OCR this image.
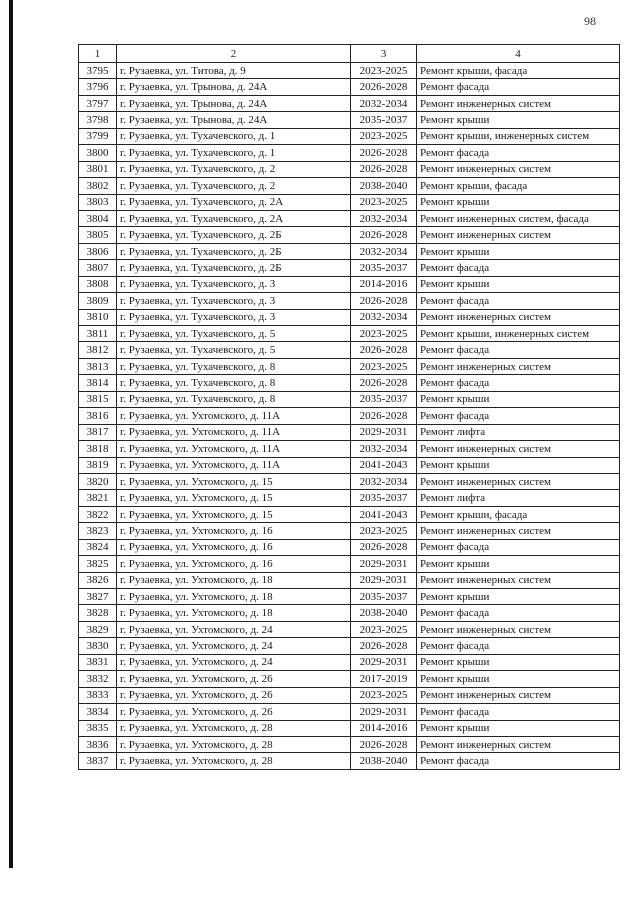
98
1	2	3	4
3795	г. Рузаевка, ул. Титова, д. 9	2023-2025	Ремонт крыши, фасада
3796	г. Рузаевка, ул. Трынова, д. 24А	2026-2028	Ремонт фасада
3797	г. Рузаевка, ул. Трынова, д. 24А	2032-2034	Ремонт инженерных систем
3798	г. Рузаевка, ул. Трынова, д. 24А	2035-2037	Ремонт крыши
3799	г. Рузаевка, ул. Тухачевского, д. 1	2023-2025	Ремонт крыши, инженерных систем
3800	г. Рузаевка, ул. Тухачевского, д. 1	2026-2028	Ремонт фасада
3801	г. Рузаевка, ул. Тухачевского, д. 2	2026-2028	Ремонт инженерных систем
3802	г. Рузаевка, ул. Тухачевского, д. 2	2038-2040	Ремонт крыши, фасада
3803	г. Рузаевка, ул. Тухачевского, д. 2А	2023-2025	Ремонт крыши
3804	г. Рузаевка, ул. Тухачевского, д. 2А	2032-2034	Ремонт инженерных систем, фасада
3805	г. Рузаевка, ул. Тухачевского, д. 2Б	2026-2028	Ремонт инженерных систем
3806	г. Рузаевка, ул. Тухачевского, д. 2Б	2032-2034	Ремонт крыши
3807	г. Рузаевка, ул. Тухачевского, д. 2Б	2035-2037	Ремонт фасада
3808	г. Рузаевка, ул. Тухачевского, д. 3	2014-2016	Ремонт крыши
3809	г. Рузаевка, ул. Тухачевского, д. 3	2026-2028	Ремонт фасада
3810	г. Рузаевка, ул. Тухачевского, д. 3	2032-2034	Ремонт инженерных систем
3811	г. Рузаевка, ул. Тухачевского, д. 5	2023-2025	Ремонт крыши, инженерных систем
3812	г. Рузаевка, ул. Тухачевского, д. 5	2026-2028	Ремонт фасада
3813	г. Рузаевка, ул. Тухачевского, д. 8	2023-2025	Ремонт инженерных систем
3814	г. Рузаевка, ул. Тухачевского, д. 8	2026-2028	Ремонт фасада
3815	г. Рузаевка, ул. Тухачевского, д. 8	2035-2037	Ремонт крыши
3816	г. Рузаевка, ул. Ухтомского, д. 11А	2026-2028	Ремонт фасада
3817	г. Рузаевка, ул. Ухтомского, д. 11А	2029-2031	Ремонт лифта
3818	г. Рузаевка, ул. Ухтомского, д. 11А	2032-2034	Ремонт инженерных систем
3819	г. Рузаевка, ул. Ухтомского, д. 11А	2041-2043	Ремонт крыши
3820	г. Рузаевка, ул. Ухтомского, д. 15	2032-2034	Ремонт инженерных систем
3821	г. Рузаевка, ул. Ухтомского, д. 15	2035-2037	Ремонт лифта
3822	г. Рузаевка, ул. Ухтомского, д. 15	2041-2043	Ремонт крыши, фасада
3823	г. Рузаевка, ул. Ухтомского, д. 16	2023-2025	Ремонт инженерных систем
3824	г. Рузаевка, ул. Ухтомского, д. 16	2026-2028	Ремонт фасада
3825	г. Рузаевка, ул. Ухтомского, д. 16	2029-2031	Ремонт крыши
3826	г. Рузаевка, ул. Ухтомского, д. 18	2029-2031	Ремонт инженерных систем
3827	г. Рузаевка, ул. Ухтомского, д. 18	2035-2037	Ремонт крыши
3828	г. Рузаевка, ул. Ухтомского, д. 18	2038-2040	Ремонт фасада
3829	г. Рузаевка, ул. Ухтомского, д. 24	2023-2025	Ремонт инженерных систем
3830	г. Рузаевка, ул. Ухтомского, д. 24	2026-2028	Ремонт фасада
3831	г. Рузаевка, ул. Ухтомского, д. 24	2029-2031	Ремонт крыши
3832	г. Рузаевка, ул. Ухтомского, д. 26	2017-2019	Ремонт крыши
3833	г. Рузаевка, ул. Ухтомского, д. 26	2023-2025	Ремонт инженерных систем
3834	г. Рузаевка, ул. Ухтомского, д. 26	2029-2031	Ремонт фасада
3835	г. Рузаевка, ул. Ухтомского, д. 28	2014-2016	Ремонт крыши
3836	г. Рузаевка, ул. Ухтомского, д. 28	2026-2028	Ремонт инженерных систем
3837	г. Рузаевка, ул. Ухтомского, д. 28	2038-2040	Ремонт фасада
